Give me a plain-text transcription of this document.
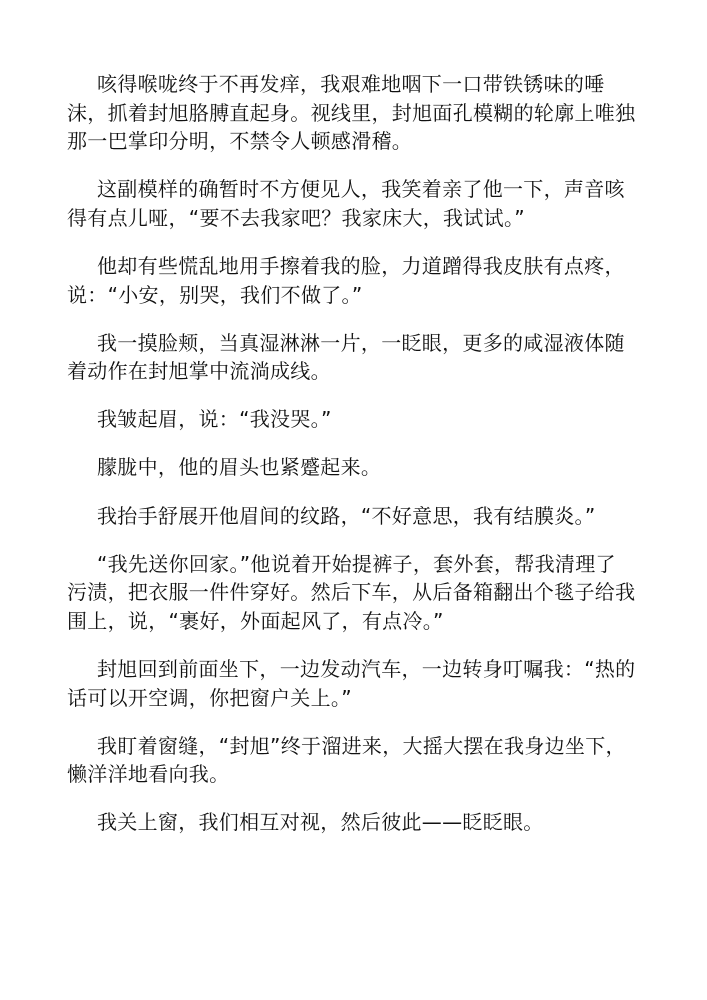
咳得喉咙终于不再发痒，我艰难地咽下一口带铁锈味的唾
沫，抓着封旭胳膊直起身。视线里，封旭面孔模糊的轮廓上唯独
那一巴掌印分明，不禁令人顿感滑稽。

这副模样的确暂时不方便见人，我笑着亲了他一下，声音咳
得有点儿哑，“要不去我家吧？我家床大，我试试。”

他却有些慌乱地用手擦着我的脸，力道蹭得我皮肤有点疼，
说：“小安，别哭，我们不做了。”

我一摸脸颊，当真湿淋淋一片，一眨眼，更多的咸湿液体随
着动作在封旭掌中流淌成线。

我皱起眉，说：“我没哭。”

朦胧中，他的眉头也紧蹙起来。

我抬手舒展开他眉间的纹路，“不好意思，我有结膜炎。”

“我先送你回家。”他说着开始提裤子，套外套，帮我清理了
污渍，把衣服一件件穿好。然后下车，从后备箱翻出个毯子给我
围上，说，“裹好，外面起风了，有点冷。”

封旭回到前面坐下，一边发动汽车，一边转身叮嘱我：“热的
话可以开空调，你把窗户关上。”

我盯着窗缝，“封旭”终于溜进来，大摇大摆在我身边坐下，
懒洋洋地看向我。

我关上窗，我们相互对视，然后彼此——眨眨眼。
